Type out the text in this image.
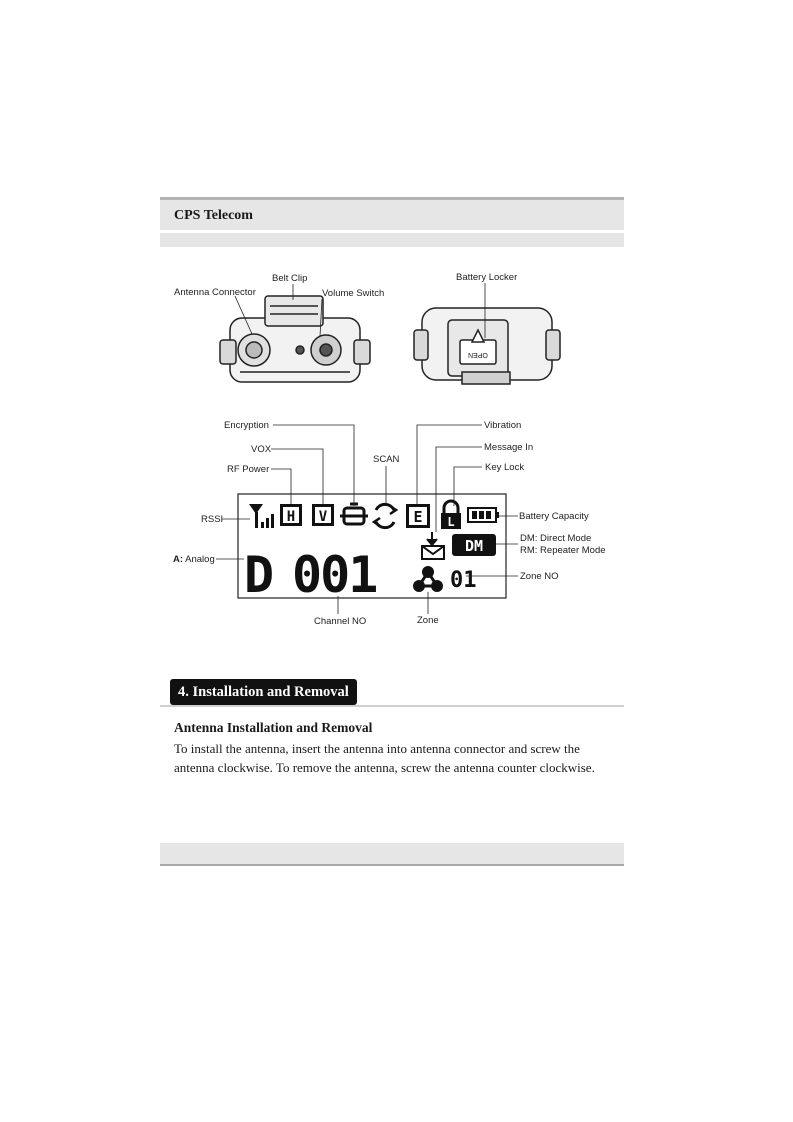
CPS Telecom
Belt Clip
Antenna Connector	Volume Switch
OPEN
Battery Locker
H V	E L
DM
D 001	01
Encryption
VOX
RF Power
SCAN
RSSI
A: Analog
Vibration
Message In
Key Lock
Battery Capacity
DM: Direct Mode
RM: Repeater Mode
Zone NO
Channel NO	Zone
4. Installation and Removal
Antenna Installation and Removal
To install the antenna, insert the antenna into antenna connector and screw the antenna clockwise. To remove the antenna, screw the antenna counter clockwise.
